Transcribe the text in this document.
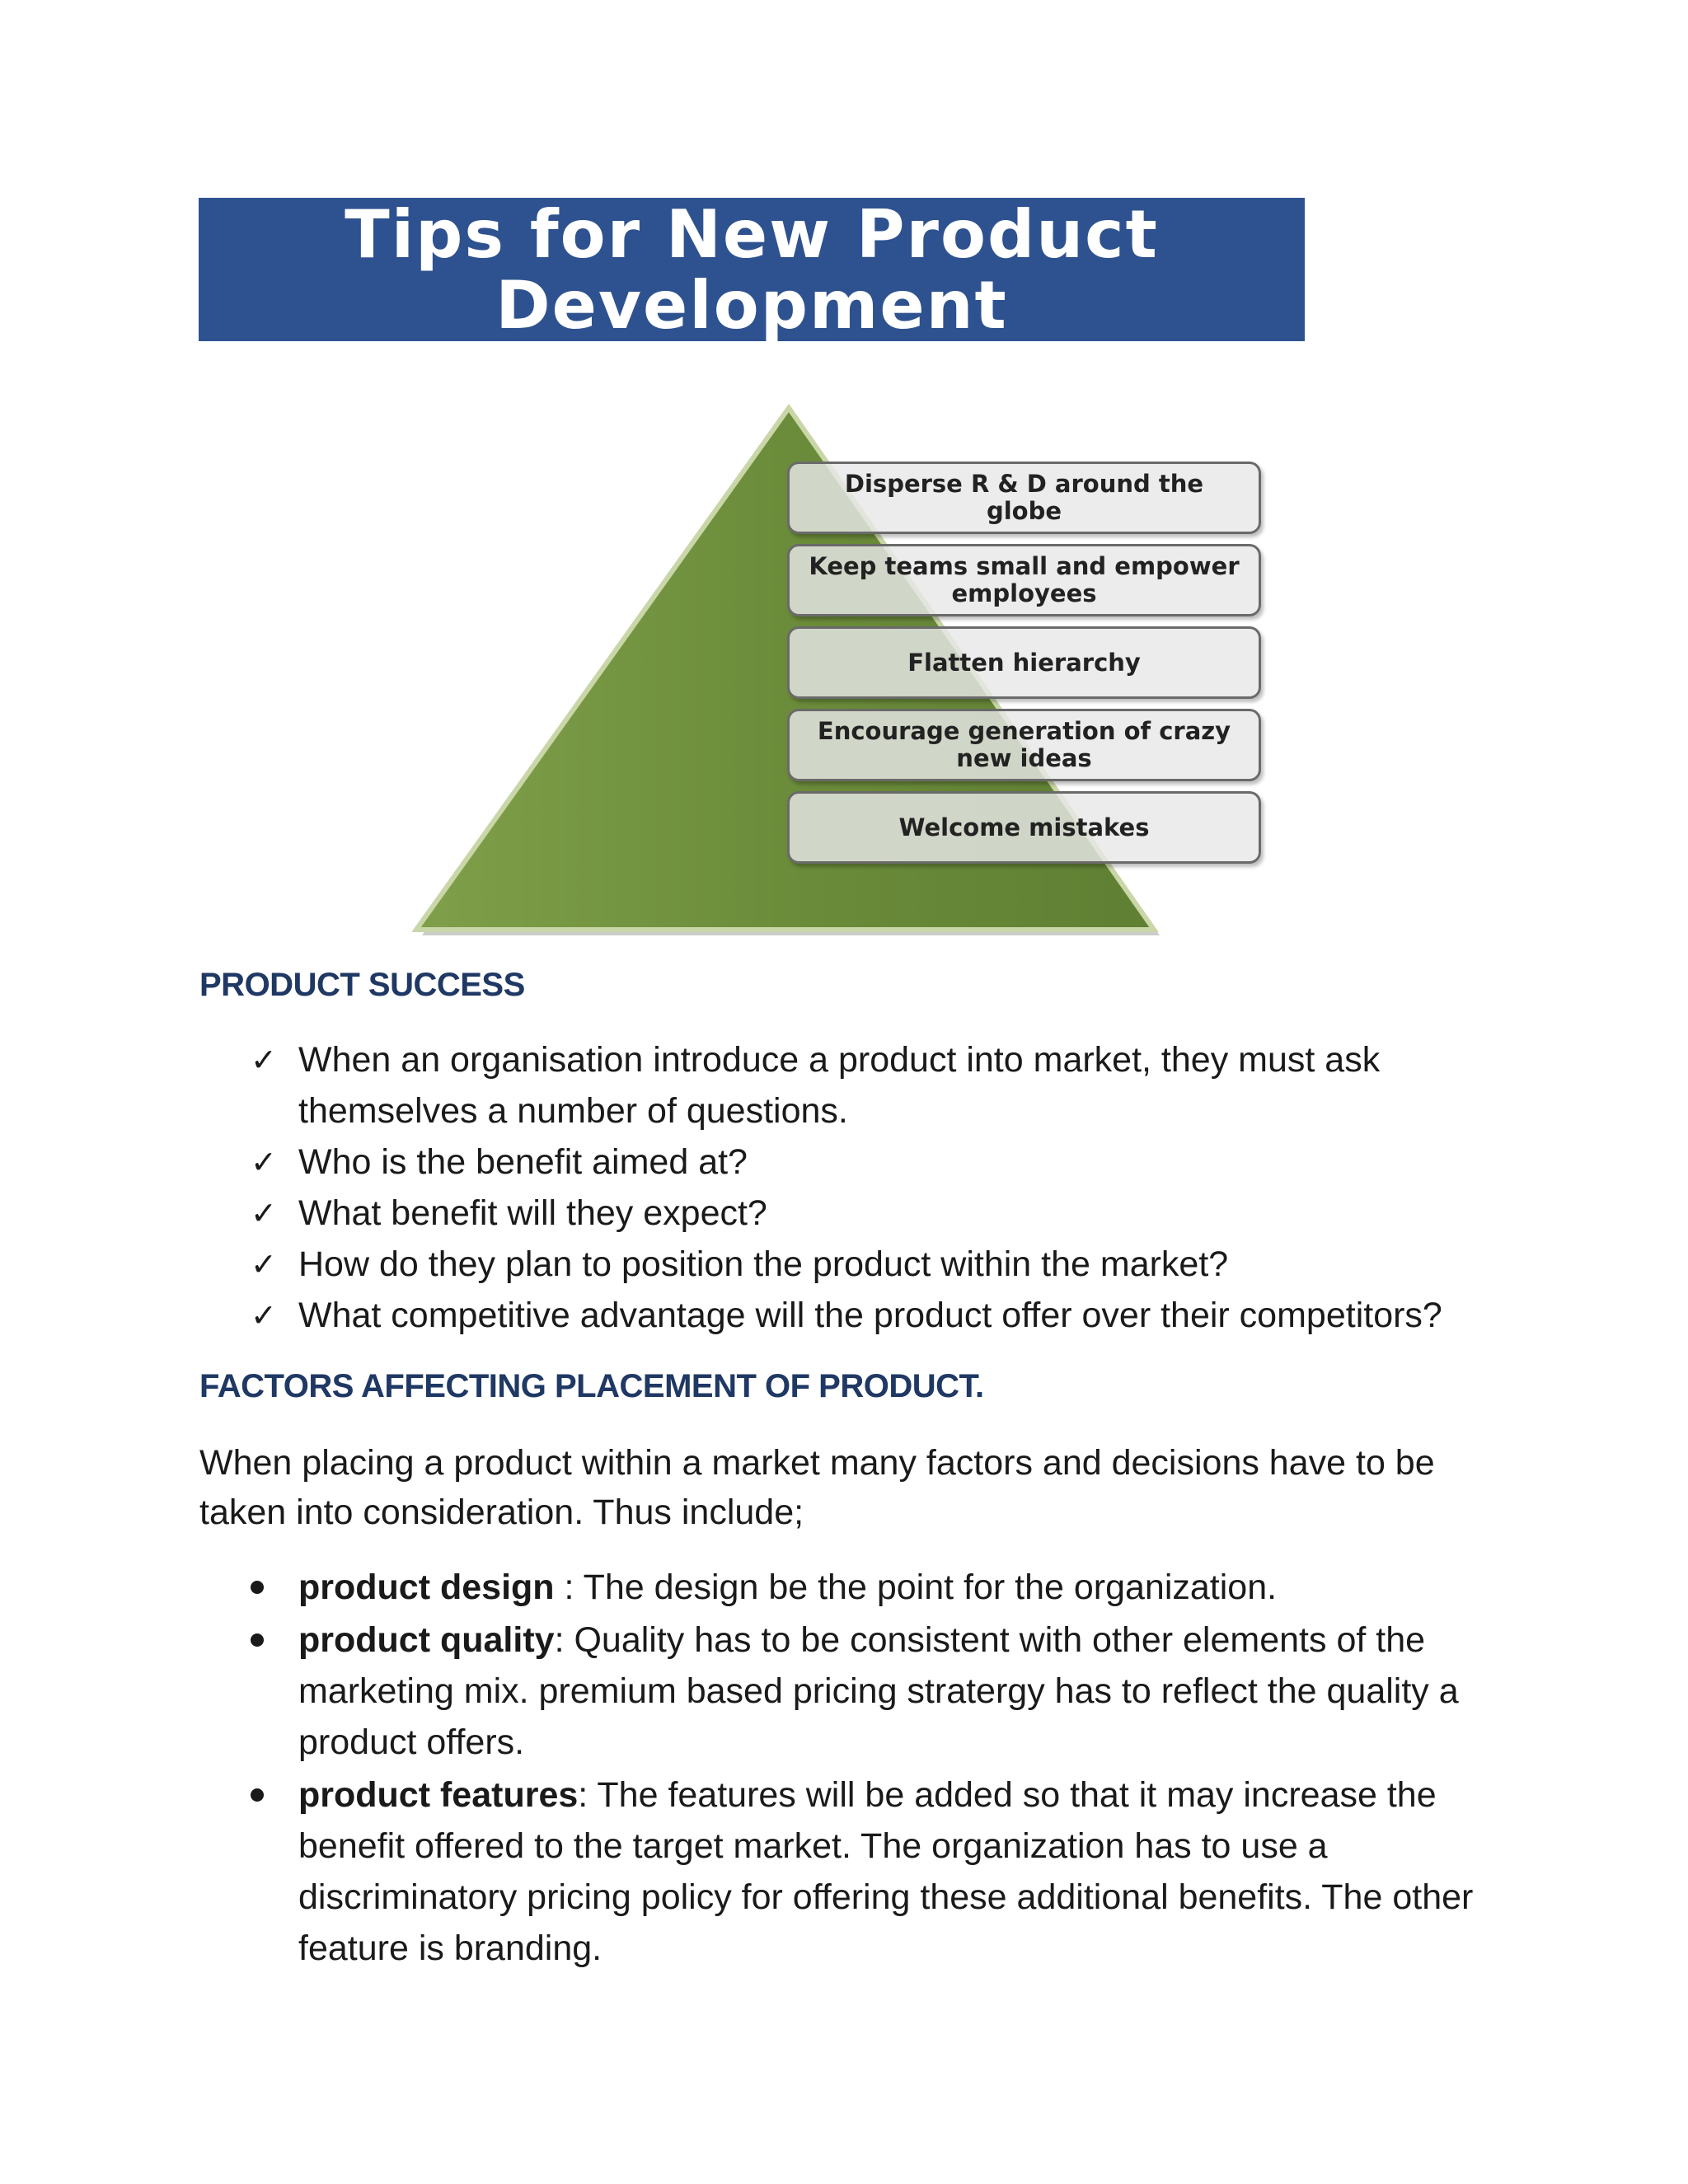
Tips for New Product
Development
Disperse R & D around the globe
Keep teams small and empower employees
Flatten hierarchy
Encourage generation of crazy new ideas
Welcome mistakes
PRODUCT SUCCESS
✓ When an organisation introduce a product into market, they must ask themselves a number of questions.
✓ Who is the benefit aimed at?
✓ What benefit will they expect?
✓ How do they plan to position the product within the market?
✓ What competitive advantage will the product offer over their competitors?
FACTORS AFFECTING PLACEMENT OF PRODUCT.
When placing a product within a market many factors and decisions have to be taken into consideration. Thus include;
product design : The design be the point for the organization.
product quality: Quality has to be consistent with other elements of the marketing mix. premium based pricing stratergy has to reflect the quality a product offers.
product features: The features will be added so that it may increase the benefit offered to the target market. The organization has to use a discriminatory pricing policy for offering these additional benefits. The other feature is branding.
